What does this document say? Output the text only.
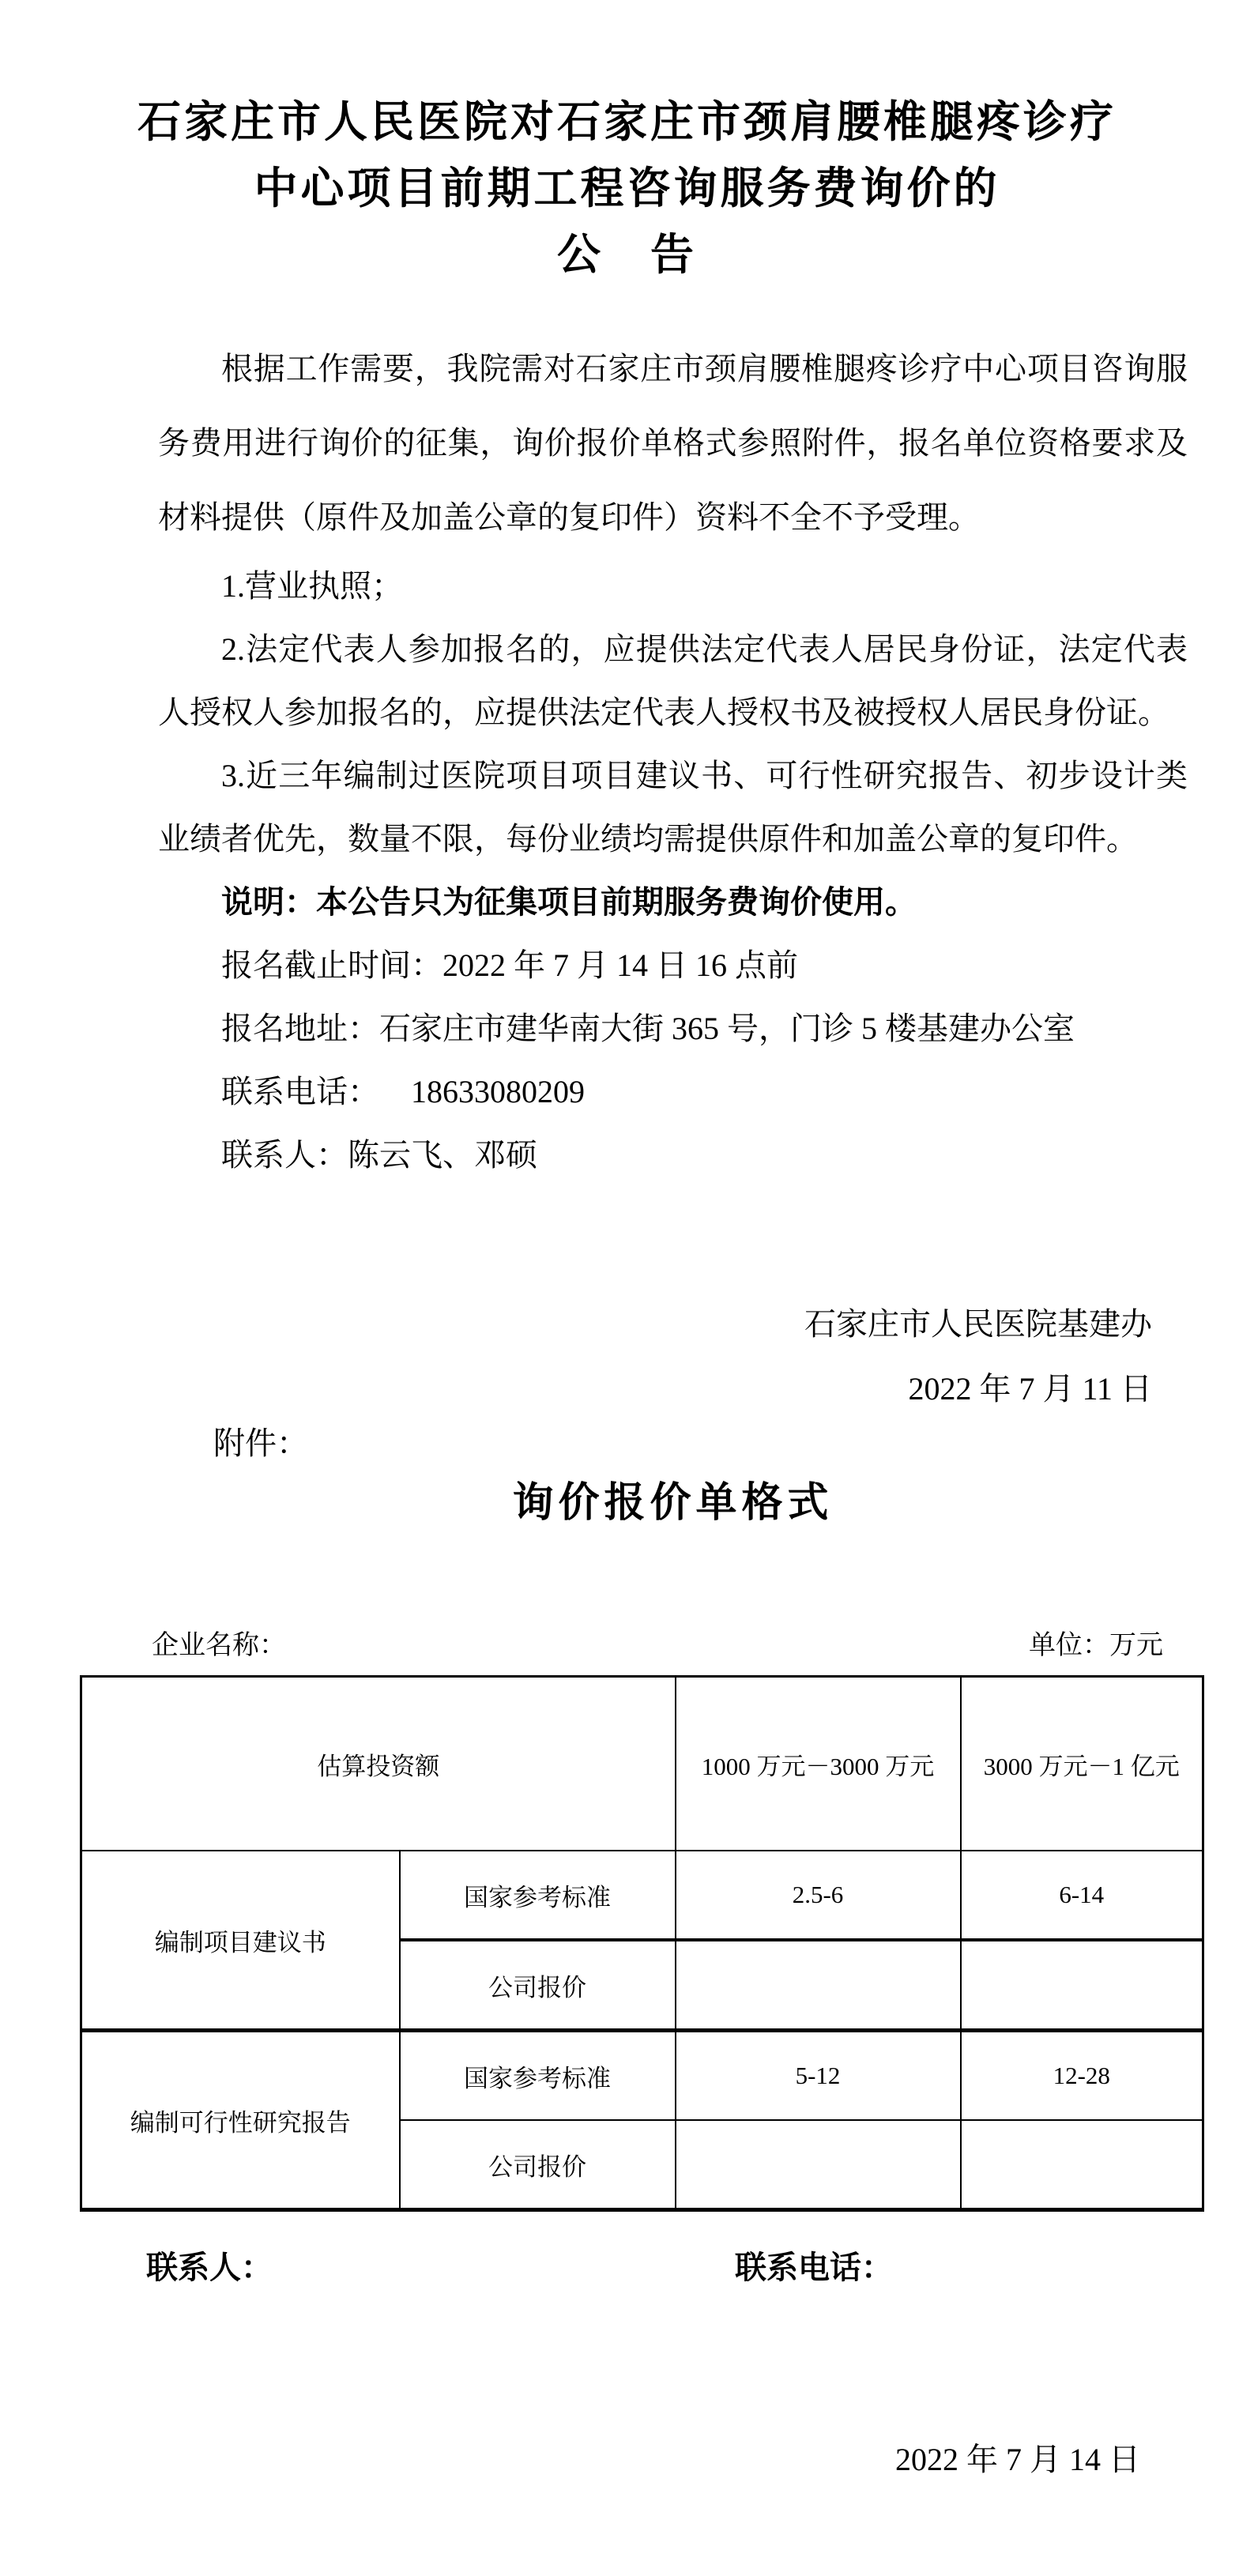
石家庄市人民医院对石家庄市颈肩腰椎腿疼诊疗
中心项目前期工程咨询服务费询价的
公　告

根据工作需要，我院需对石家庄市颈肩腰椎腿疼诊疗中心项目咨询服务费用进行询价的征集，询价报价单格式参照附件，报名单位资格要求及材料提供（原件及加盖公章的复印件）资料不全不予受理。

1.营业执照；

2.法定代表人参加报名的，应提供法定代表人居民身份证，法定代表人授权人参加报名的，应提供法定代表人授权书及被授权人居民身份证。

3.近三年编制过医院项目项目建议书、可行性研究报告、初步设计类业绩者优先，数量不限，每份业绩均需提供原件和加盖公章的复印件。

说明：本公告只为征集项目前期服务费询价使用。

报名截止时间：2022 年 7 月 14 日 16 点前

报名地址：石家庄市建华南大街 365 号，门诊 5 楼基建办公室

联系电话：  18633080209

联系人：陈云飞、邓硕

石家庄市人民医院基建办
2022 年 7 月 11 日
附件：
询价报价单格式
企业名称：	单位：万元
估算投资额		1000 万元－3000 万元	3000 万元－1 亿元
编制项目建议书	国家参考标准	2.5-6	6-14
	公司报价		
编制可行性研究报告	国家参考标准	5-12	12-28
	公司报价		
联系人：	联系电话：
2022 年 7 月 14 日
